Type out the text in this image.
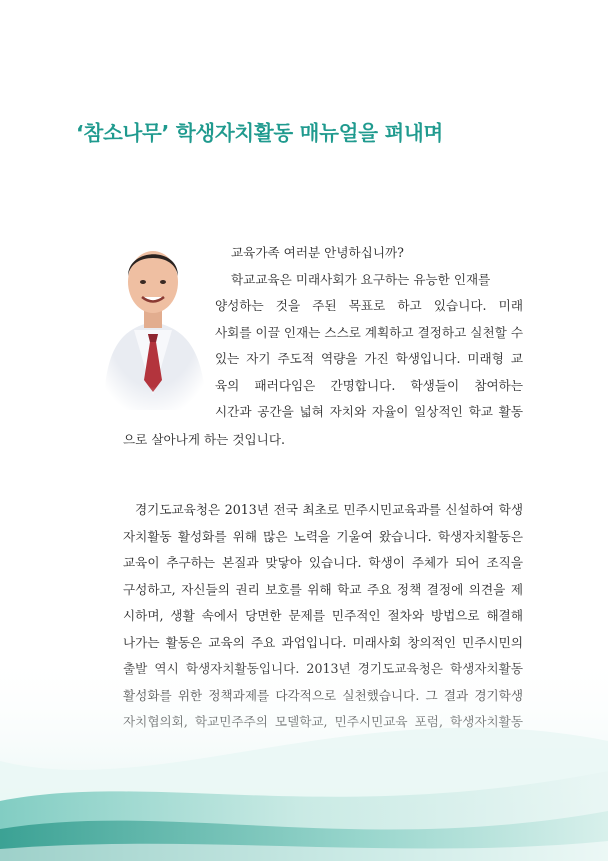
‘참소나무’ 학생자치활동 매뉴얼을 펴내며
교육가족 여러분 안녕하십니까?
학교교육은 미래사회가 요구하는 유능한 인재를
양성하는 것을 주된 목표로 하고 있습니다. 미래
사회를 이끌 인재는 스스로 계획하고 결정하고 실천할 수
있는 자기 주도적 역량을 가진 학생입니다. 미래형 교
육의 패러다임은 간명합니다. 학생들이 참여하는
시간과 공간을 넓혀 자치와 자율이 일상적인 학교 활동
으로 살아나게 하는 것입니다.
경기도교육청은 2013년 전국 최초로 민주시민교육과를 신설하여 학생
자치활동 활성화를 위해 많은 노력을 기울여 왔습니다. 학생자치활동은
교육이 추구하는 본질과 맞닿아 있습니다. 학생이 주체가 되어 조직을
구성하고, 자신들의 권리 보호를 위해 학교 주요 정책 결정에 의견을 제
시하며, 생활 속에서 당면한 문제를 민주적인 절차와 방법으로 해결해
나가는 활동은 교육의 주요 과업입니다. 미래사회 창의적인 민주시민의
